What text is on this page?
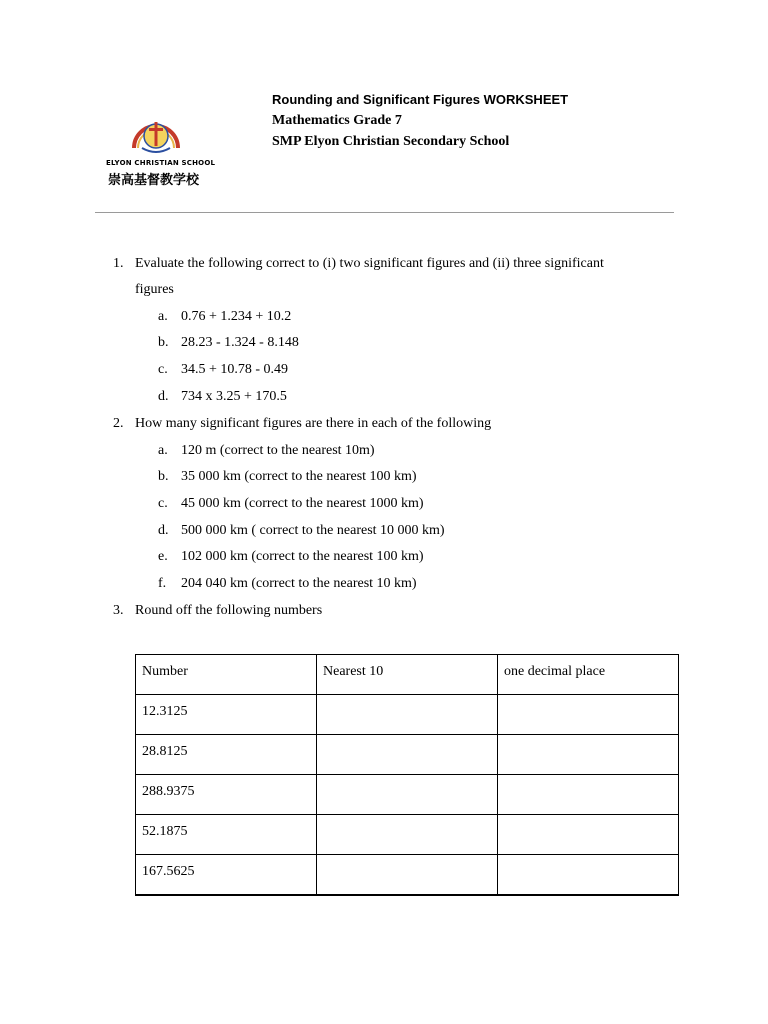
ELYON CHRISTIAN SCHOOL
崇高基督教学校
Rounding and Significant Figures WORKSHEET
Mathematics Grade 7
SMP Elyon Christian Secondary School
1. Evaluate the following correct to (i) two significant figures and (ii) three significant
figures
a. 0.76 + 1.234 + 10.2
b. 28.23 - 1.324 - 8.148
c. 34.5 + 10.78 - 0.49
d. 734 x 3.25 + 170.5
2. How many significant figures are there in each of the following
a. 120 m (correct to the nearest 10m)
b. 35 000 km (correct to the nearest 100 km)
c. 45 000 km (correct to the nearest 1000 km)
d. 500 000 km ( correct to the nearest 10 000 km)
e. 102 000 km (correct to the nearest 100 km)
f. 204 040 km (correct to the nearest 10 km)
3. Round off the following numbers
Number	Nearest 10	one decimal place
12.3125		
28.8125		
288.9375		
52.1875		
167.5625		
